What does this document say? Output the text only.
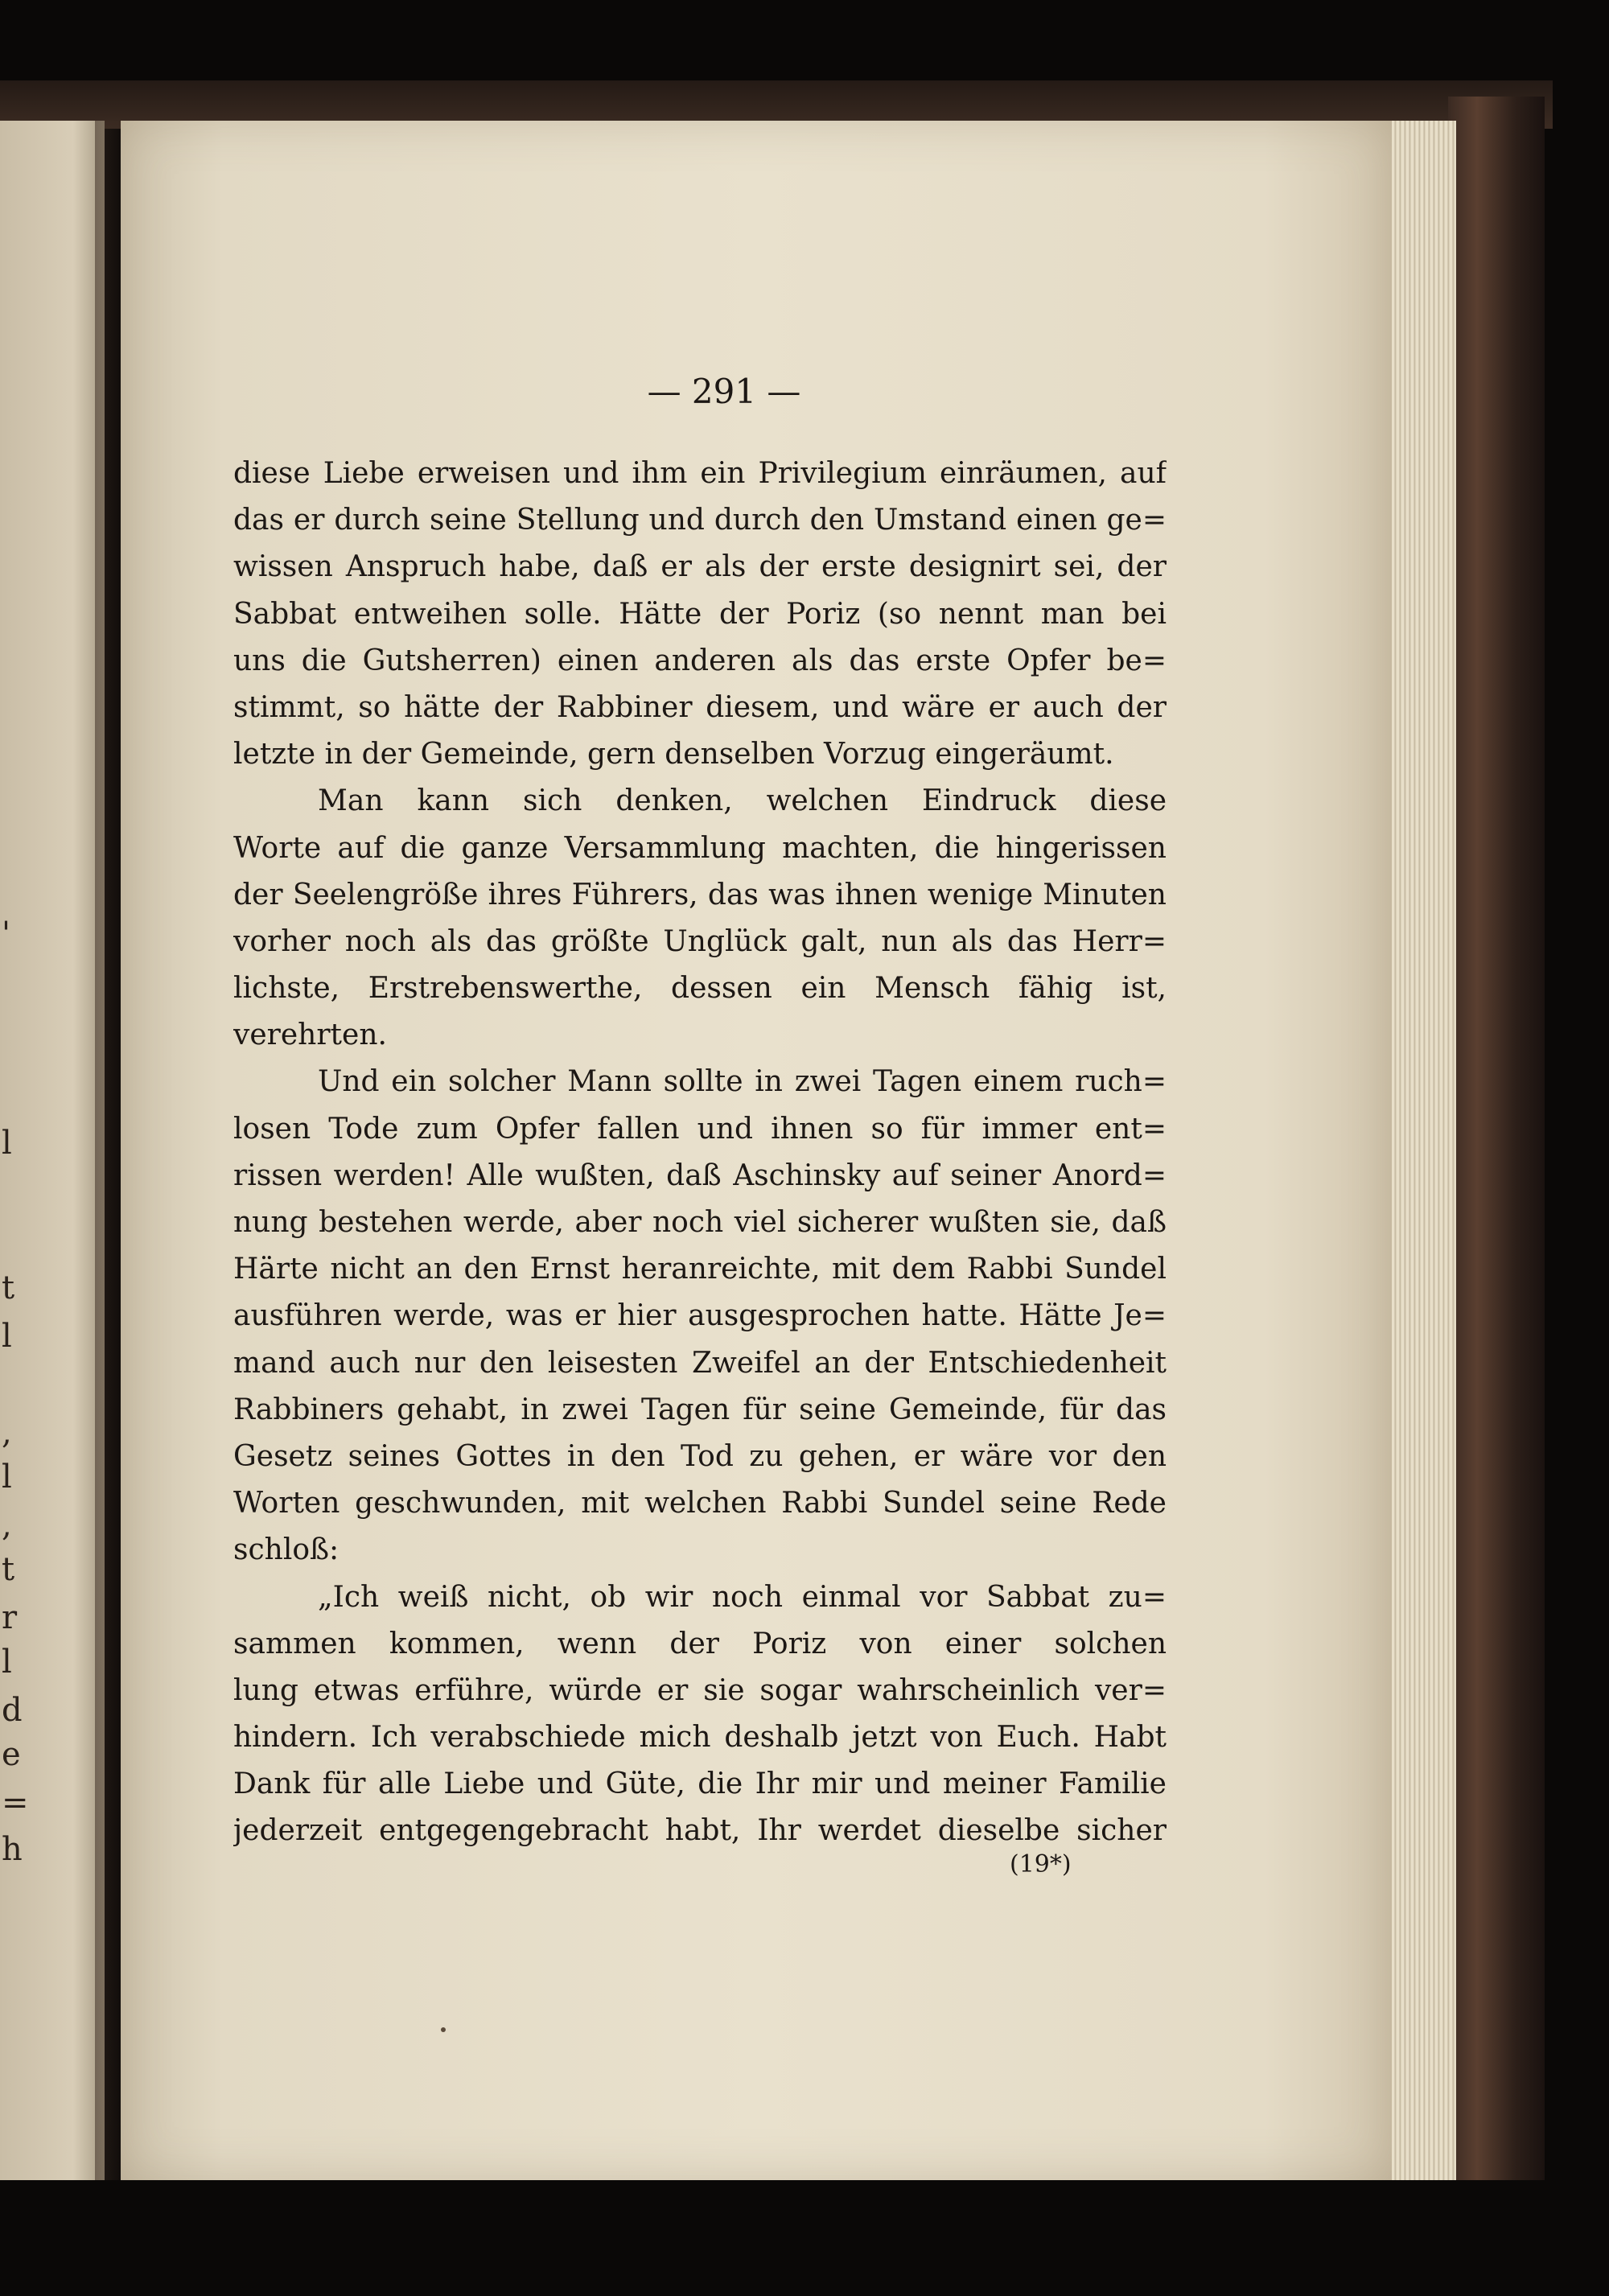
'
l
t
l
,
l
,
t
r
l
d
e
=
h
— 291 —
diese Liebe erweisen und ihm ein Privilegium einräumen, auf
das er durch seine Stellung und durch den Umstand einen ge=
wissen Anspruch habe, daß er als der erste designirt sei, der
Sabbat entweihen solle. Hätte der Poriz (so nennt man bei
uns die Gutsherren) einen anderen als das erste Opfer be=
stimmt, so hätte der Rabbiner diesem, und wäre er auch der
letzte in der Gemeinde, gern denselben Vorzug eingeräumt.
Man kann sich denken, welchen Eindruck diese
Worte auf die ganze Versammlung machten, die hingerissen
der Seelengröße ihres Führers, das was ihnen wenige Minuten
vorher noch als das größte Unglück galt, nun als das Herr=
lichste, Erstrebenswerthe, dessen ein Mensch fähig ist,
verehrten.
Und ein solcher Mann sollte in zwei Tagen einem ruch=
losen Tode zum Opfer fallen und ihnen so für immer ent=
rissen werden! Alle wußten, daß Aschinsky auf seiner Anord=
nung bestehen werde, aber noch viel sicherer wußten sie, daß
Härte nicht an den Ernst heranreichte, mit dem Rabbi Sundel
ausführen werde, was er hier ausgesprochen hatte. Hätte Je=
mand auch nur den leisesten Zweifel an der Entschiedenheit
Rabbiners gehabt, in zwei Tagen für seine Gemeinde, für das
Gesetz seines Gottes in den Tod zu gehen, er wäre vor den
Worten geschwunden, mit welchen Rabbi Sundel seine Rede
schloß:
„Ich weiß nicht, ob wir noch einmal vor Sabbat zu=
sammen kommen, wenn der Poriz von einer solchen
lung etwas erführe, würde er sie sogar wahrscheinlich ver=
hindern. Ich verabschiede mich deshalb jetzt von Euch. Habt
Dank für alle Liebe und Güte, die Ihr mir und meiner Familie
jederzeit entgegengebracht habt, Ihr werdet dieselbe sicher
(19*)
